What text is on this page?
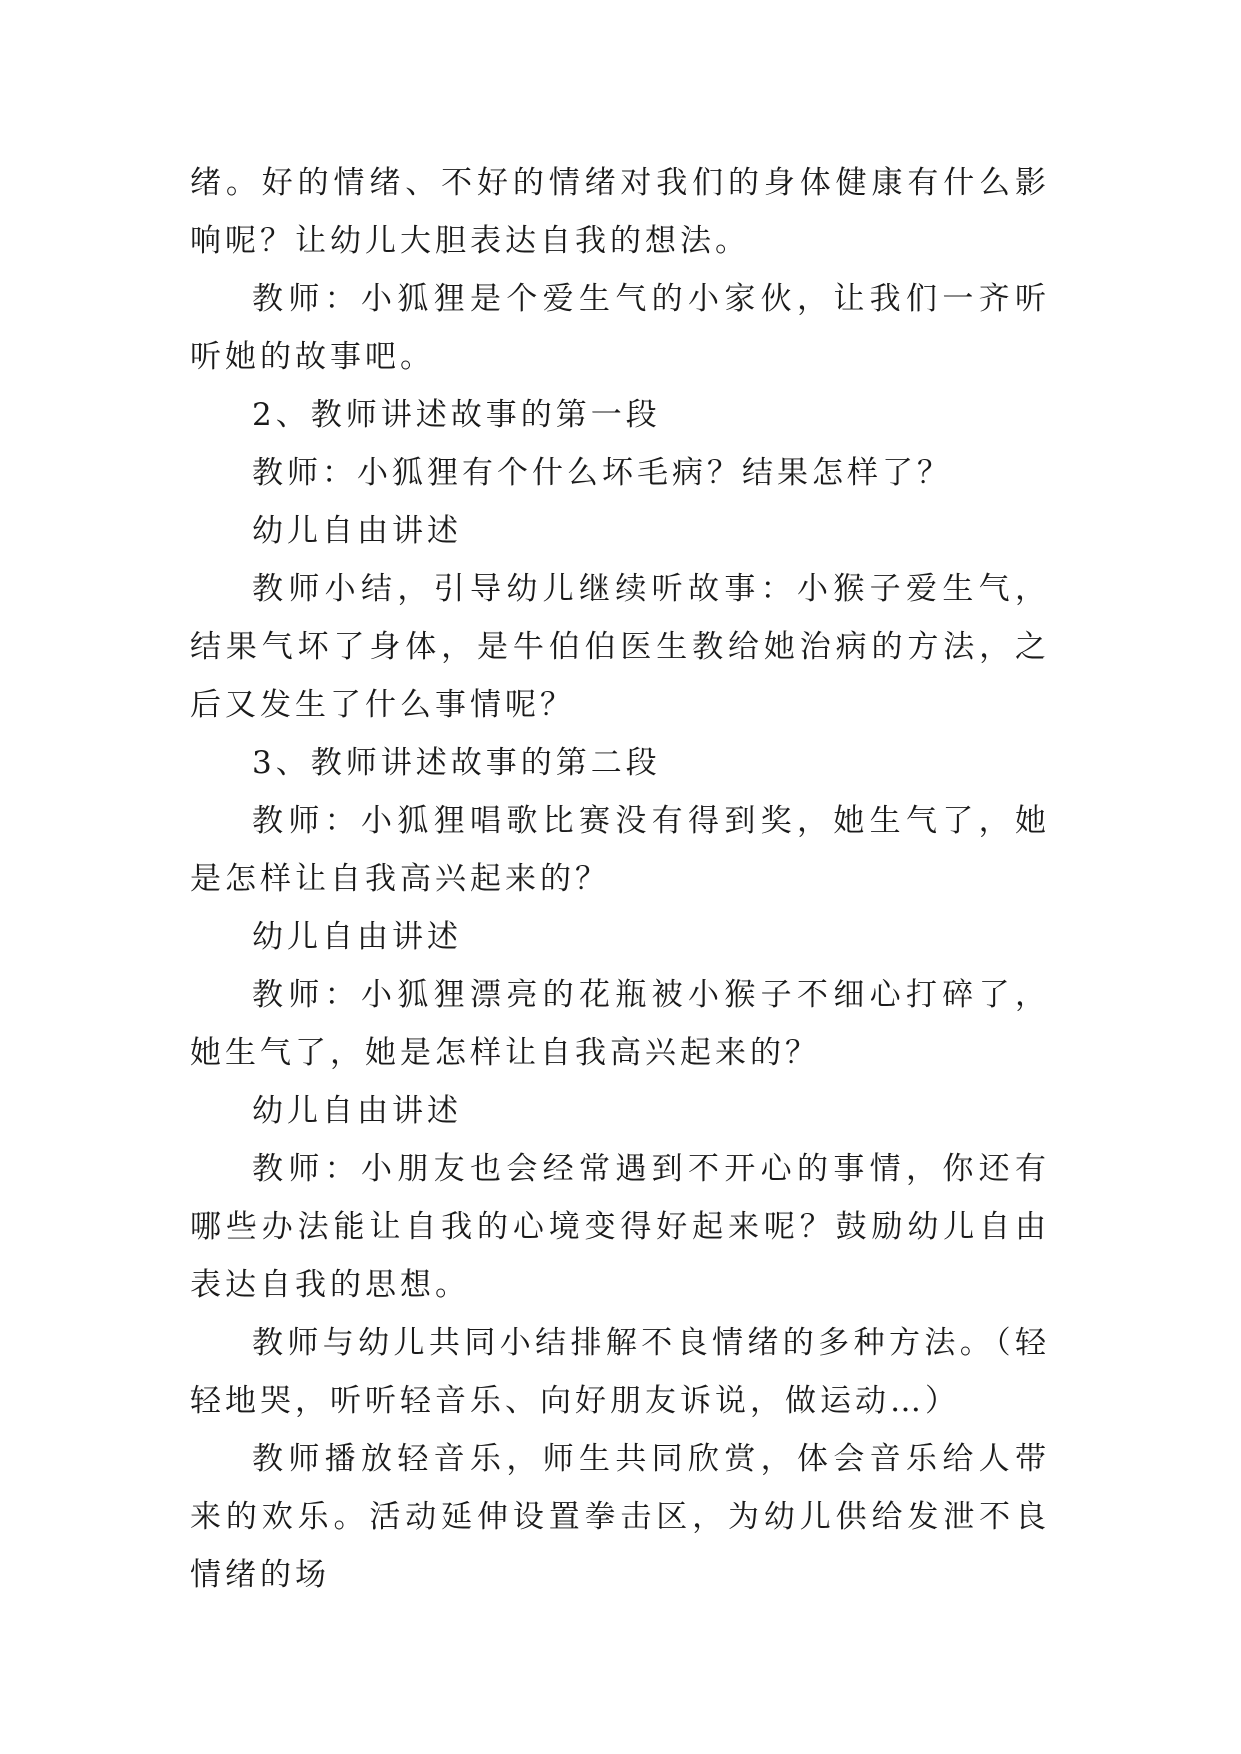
绪。好的情绪、不好的情绪对我们的身体健康有什么影响呢？让幼儿大胆表达自我的想法。

教师：小狐狸是个爱生气的小家伙，让我们一齐听听她的故事吧。

2、教师讲述故事的第一段

教师：小狐狸有个什么坏毛病？结果怎样了？

幼儿自由讲述

教师小结，引导幼儿继续听故事：小猴子爱生气，结果气坏了身体，是牛伯伯医生教给她治病的方法，之后又发生了什么事情呢？

3、教师讲述故事的第二段

教师：小狐狸唱歌比赛没有得到奖，她生气了，她是怎样让自我高兴起来的？

幼儿自由讲述

教师：小狐狸漂亮的花瓶被小猴子不细心打碎了，她生气了，她是怎样让自我高兴起来的？

幼儿自由讲述

教师：小朋友也会经常遇到不开心的事情，你还有哪些办法能让自我的心境变得好起来呢？鼓励幼儿自由表达自我的思想。

教师与幼儿共同小结排解不良情绪的多种方法。（轻轻地哭，听听轻音乐、向好朋友诉说，做运动…）

教师播放轻音乐，师生共同欣赏，体会音乐给人带来的欢乐。活动延伸设置拳击区，为幼儿供给发泄不良情绪的场
